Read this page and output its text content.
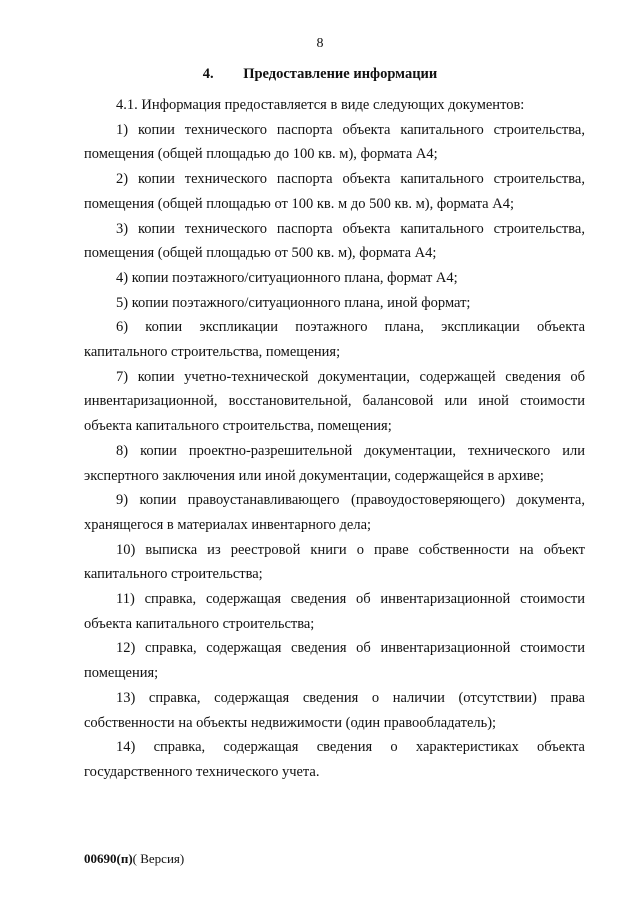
8
4. Предоставление информации

4.1. Информация предоставляется в виде следующих документов:

1) копии технического паспорта объекта капитального строительства, помещения (общей площадью до 100 кв. м), формата А4;

2) копии технического паспорта объекта капитального строительства, помещения (общей площадью от 100 кв. м до 500 кв. м), формата А4;

3) копии технического паспорта объекта капитального строительства, помещения (общей площадью от 500 кв. м), формата А4;

4) копии поэтажного/ситуационного плана, формат А4;

5) копии поэтажного/ситуационного плана, иной формат;

6) копии экспликации поэтажного плана, экспликации объекта капитального строительства, помещения;

7) копии учетно-технической документации, содержащей сведения об инвентаризационной, восстановительной, балансовой или иной стоимости объекта капитального строительства, помещения;

8) копии проектно-разрешительной документации, технического или экспертного заключения или иной документации, содержащейся в архиве;

9) копии правоустанавливающего (правоудостоверяющего) документа, хранящегося в материалах инвентарного дела;

10) выписка из реестровой книги о праве собственности на объект капитального строительства;

11) справка, содержащая сведения об инвентаризационной стоимости объекта капитального строительства;

12) справка, содержащая сведения об инвентаризационной стоимости помещения;

13) справка, содержащая сведения о наличии (отсутствии) права собственности на объекты недвижимости (один правообладатель);

14) справка, содержащая сведения о характеристиках объекта государственного технического учета.

00690(п)( Версия)
